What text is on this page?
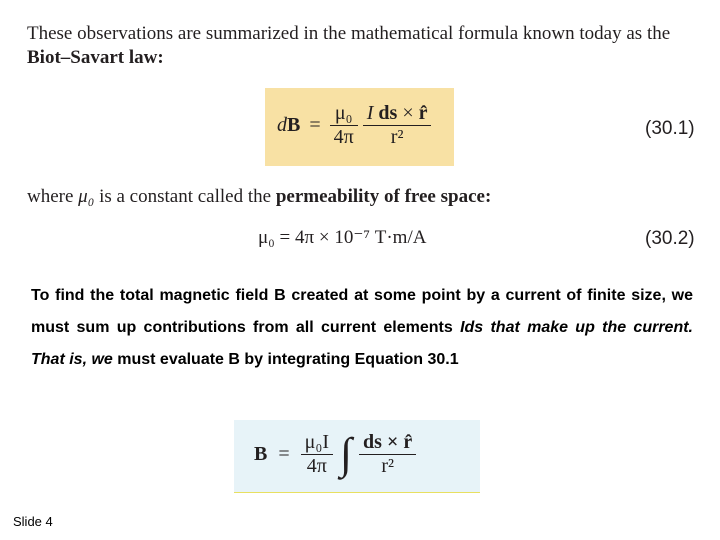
These observations are summarized in the mathematical formula known today as the Biot–Savart law:
dB = $\frac{\text{μ₀}}{4\pi}$
$\frac{\text{I ds × r̂}}{\text{r²}}$	(30.1)
where μ₀ is a constant called the permeability of free space:
μ₀ = 4π × 10⁻⁷ T·m/A	(30.2)
To find the total magnetic field B created at some point by a current of finite size, we must sum up contributions from all current elements Ids that make up the current. That is, we must evaluate B by integrating Equation 30.1
$B = \frac{\text{μ₀I}}{4\pi}$ ∫ $\frac{ds \times r̂}{\text{r²}}$
Slide 4
